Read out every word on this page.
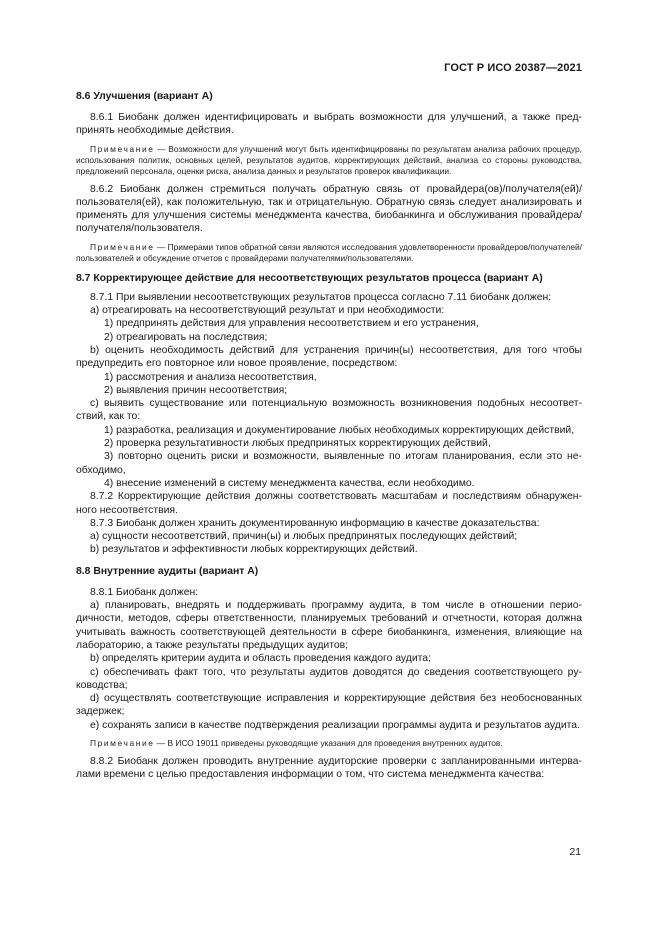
ГОСТ Р ИСО 20387—2021

8.6 Улучшения (вариант А)

8.6.1 Биобанк должен идентифицировать и выбрать возможности для улучшений, а также предпринять необходимые действия.

Примечание — Возможности для улучшений могут быть идентифицированы по результатам анализа рабочих процедур, использования политик, основных целей, результатов аудитов, корректирующих действий, анализа со стороны руководства, предложений персонала, оценки риска, анализа данных и результатов проверок квалификации.

8.6.2 Биобанк должен стремиться получать обратную связь от провайдера(ов)/получателя(ей)/ пользователя(ей), как положительную, так и отрицательную. Обратную связь следует анализировать и применять для улучшения системы менеджмента качества, биобанкинга и обслуживания провайдера/ получателя/пользователя.

Примечание — Примерами типов обратной связи являются исследования удовлетворенности провайдеров/получателей/пользователей и обсуждение отчетов с провайдерами получателями/пользователями.

8.7 Корректирующее действие для несоответствующих результатов процесса (вариант А)

8.7.1 При выявлении несоответствующих результатов процесса согласно 7.11 биобанк должен:

a) отреагировать на несоответствующий результат и при необходимости:

1) предпринять действия для управления несоответствием и его устранения,

2) отреагировать на последствия;

b) оценить необходимость действий для устранения причин(ы) несоответствия, для того чтобы предупредить его повторное или новое проявление, посредством:

1) рассмотрения и анализа несоответствия,

2) выявления причин несоответствия;

c) выявить существование или потенциальную возможность возникновения подобных несоответствий, как то:

1) разработка, реализация и документирование любых необходимых корректирующих действий,

2) проверка результативности любых предпринятых корректирующих действий,

3) повторно оценить риски и возможности, выявленные по итогам планирования, если это необходимо,

4) внесение изменений в систему менеджмента качества, если необходимо.

8.7.2 Корректирующие действия должны соответствовать масштабам и последствиям обнаруженного несоответствия.

8.7.3 Биобанк должен хранить документированную информацию в качестве доказательства:

a) сущности несоответствий, причин(ы) и любых предпринятых последующих действий;

b) результатов и эффективности любых корректирующих действий.

8.8 Внутренние аудиты (вариант А)

8.8.1 Биобанк должен:

a) планировать, внедрять и поддерживать программу аудита, в том числе в отношении периодичности, методов, сферы ответственности, планируемых требований и отчетности, которая должна учитывать важность соответствующей деятельности в сфере биобанкинга, изменения, влияющие на лабораторию, а также результаты предыдущих аудитов;

b) определять критерии аудита и область проведения каждого аудита;

c) обеспечивать факт того, что результаты аудитов доводятся до сведения соответствующего руководства;

d) осуществлять соответствующие исправления и корректирующие действия без необоснованных задержек;

e) сохранять записи в качестве подтверждения реализации программы аудита и результатов аудита.

Примечание — В ИСО 19011 приведены руководящие указания для проведения внутренних аудитов.

8.8.2 Биобанк должен проводить внутренние аудиторские проверки с запланированными интервалами времени с целью предоставления информации о том, что система менеджмента качества:

21
